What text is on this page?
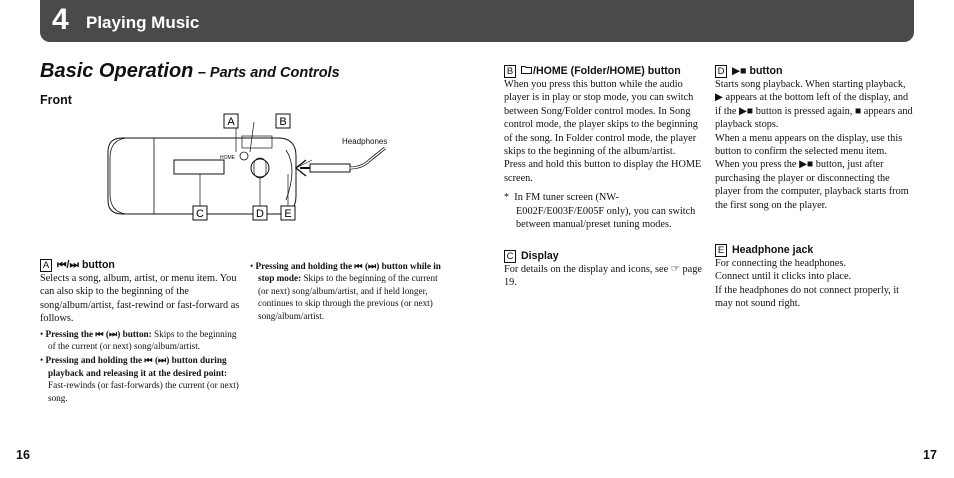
4 Playing Music
Basic Operation – Parts and Controls
Front
HOME
A	B
C	D E
Headphones
A ⏮/⏭ button
Selects a song, album, artist, or menu item. You can also skip to the beginning of the song/album/artist, fast-rewind or fast-forward as follows.
• Pressing the ⏮ (⏭) button: Skips to the beginning of the current (or next) song/album/artist.
• Pressing and holding the ⏮ (⏭) button during playback and releasing it at the desired point: Fast-rewinds (or fast-forwards) the current (or next) song.
• Pressing and holding the ⏮ (⏭) button while in stop mode: Skips to the beginning of the current (or next) song/album/artist, and if held longer, continues to skip through the previous (or next) song/album/artist.
B /HOME (Folder/HOME) button
When you press this button while the audio player is in play or stop mode, you can switch between Song/Folder control modes. In Song control mode, the player skips to the beginning of the song. In Folder control mode, the player skips to the beginning of the album/artist.
Press and hold this button to display the HOME screen.
*  In FM tuner screen (NW-E002F/E003F/E005F only), you can switch between manual/preset tuning modes.
C Display
For details on the display and icons, see ☞ page 19.
D ▶■ button
Starts song playback. When starting playback, ▶ appears at the bottom left of the display, and if the ▶■ button is pressed again, ■ appears and playback stops.
When a menu appears on the display, use this button to confirm the selected menu item.
When you press the ▶■ button, just after purchasing the player or disconnecting the player from the computer, playback starts from the first song on the player.
E Headphone jack
For connecting the headphones.
Connect until it clicks into place.
If the headphones do not connect properly, it may not sound right.
16	17
